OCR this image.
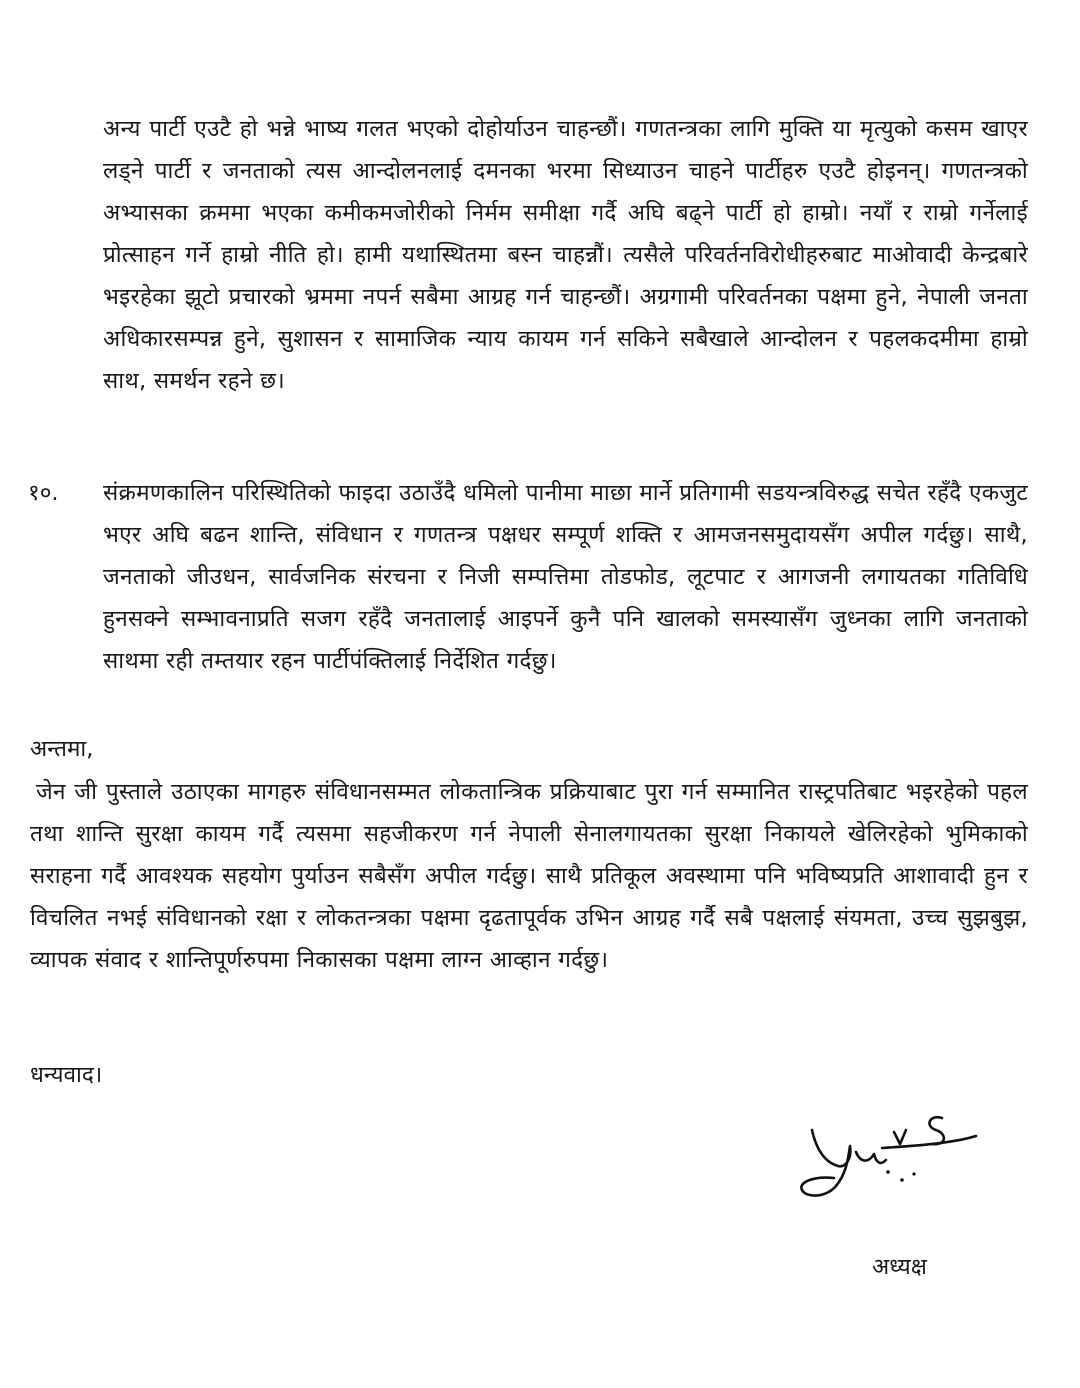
अन्य पार्टी एउटै हो भन्ने भाष्य गलत भएको दोहोर्याउन चाहन्छौं। गणतन्त्रका लागि मुक्ति या मृत्युको कसम खाएर लड्ने पार्टी र जनताको त्यस आन्दोलनलाई दमनका भरमा सिध्याउन चाहने पार्टीहरु एउटै होइनन्। गणतन्त्रको अभ्यासका क्रममा भएका कमीकमजोरीको निर्मम समीक्षा गर्दै अघि बढ्ने पार्टी हो हाम्रो। नयाँ र राम्रो गर्नेलाई प्रोत्साहन गर्ने हाम्रो नीति हो। हामी यथास्थितमा बस्न चाहन्नौं। त्यसैले परिवर्तनविरोधीहरुबाट माओवादी केन्द्रबारे भइरहेका झूटो प्रचारको भ्रममा नपर्न सबैमा आग्रह गर्न चाहन्छौं। अग्रगामी परिवर्तनका पक्षमा हुने, नेपाली जनता अधिकारसम्पन्न हुने, सुशासन र सामाजिक न्याय कायम गर्न सकिने सबैखाले आन्दोलन र पहलकदमीमा हाम्रो साथ, समर्थन रहने छ।
१०. संक्रमणकालिन परिस्थितिको फाइदा उठाउँदै धमिलो पानीमा माछा मार्ने प्रतिगामी सडयन्त्रविरुद्ध सचेत रहँदै एकजुट भएर अघि बढन शान्ति, संविधान र गणतन्त्र पक्षधर सम्पूर्ण शक्ति र आमजनसमुदायसँग अपील गर्दछु। साथै, जनताको जीउधन, सार्वजनिक संरचना र निजी सम्पत्तिमा तोडफोड, लूटपाट र आगजनी लगायतका गतिविधि हुनसक्ने सम्भावनाप्रति सजग रहँदै जनतालाई आइपर्ने कुनै पनि खालको समस्यासँग जुध्नका लागि जनताको साथमा रही तम्तयार रहन पार्टीपंक्तिलाई निर्देशित गर्दछु।
अन्तमा,
जेन जी पुस्ताले उठाएका मागहरु संविधानसम्मत लोकतान्त्रिक प्रक्रियाबाट पुरा गर्न सम्मानित रास्ट्रपतिबाट भइरहेको पहल तथा शान्ति सुरक्षा कायम गर्दै त्यसमा सहजीकरण गर्न नेपाली सेनालगायतका सुरक्षा निकायले खेलिरहेको भुमिकाको सराहना गर्दै आवश्यक सहयोग पुर्याउन सबैसँग अपील गर्दछु। साथै प्रतिकूल अवस्थामा पनि भविष्यप्रति आशावादी हुन र विचलित नभई संविधानको रक्षा र लोकतन्त्रका पक्षमा दृढतापूर्वक उभिन आग्रह गर्दै सबै पक्षलाई संयमता, उच्च सुझबुझ, व्यापक संवाद र शान्तिपूर्णरुपमा निकासका पक्षमा लाग्न आव्हान गर्दछु।
धन्यवाद।
अध्यक्ष
